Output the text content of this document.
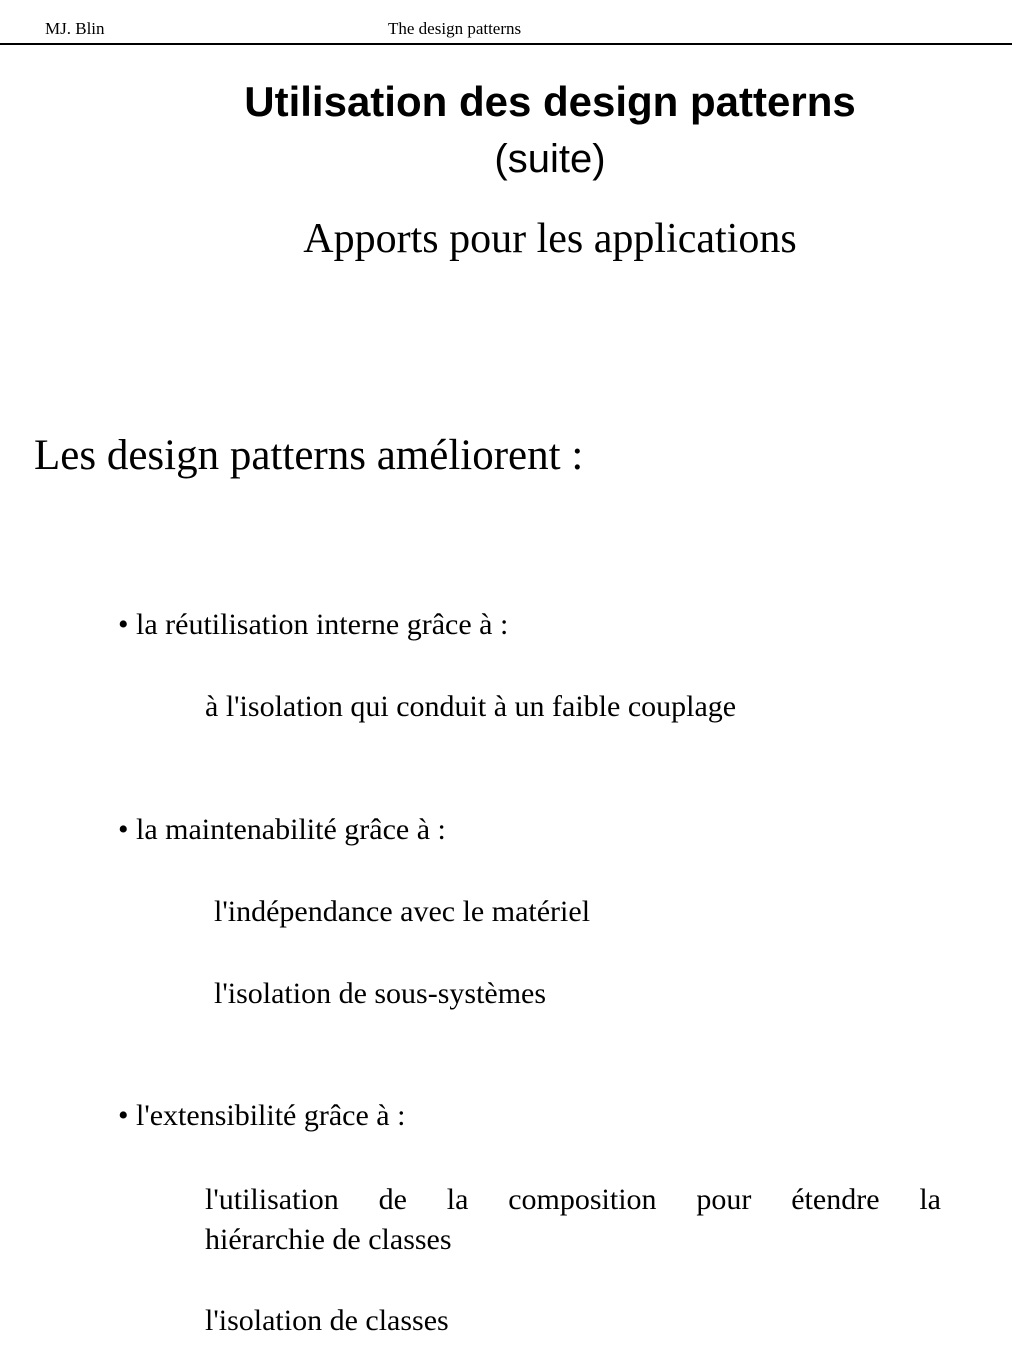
MJ. Blin	The design patterns
Utilisation des design patterns
(suite)
Apports pour les applications
Les design patterns améliorent :
• la réutilisation interne grâce à :
à l'isolation qui conduit à un faible couplage
• la maintenabilité grâce à :
l'indépendance avec le matériel
l'isolation de sous-systèmes
• l'extensibilité grâce à :
l'utilisation de la composition pour étendre la
hiérarchie de classes
l'isolation de classes
